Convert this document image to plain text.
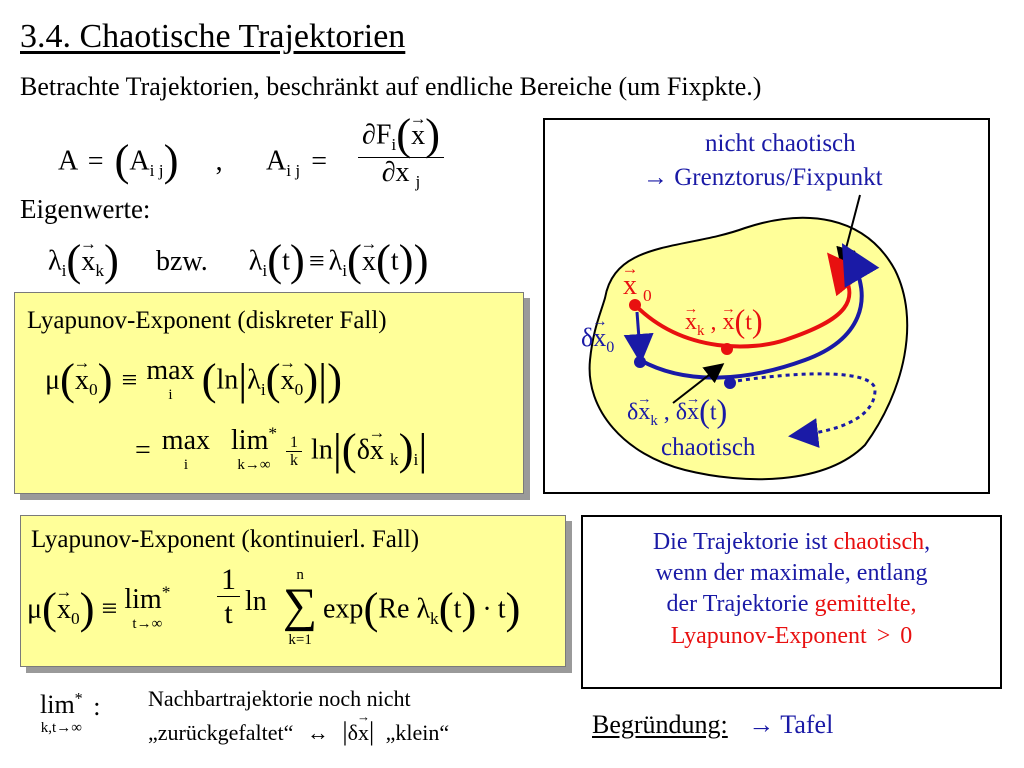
3.4. Chaotische Trajektorien
Betrachte Trajektorien, beschränkt auf endliche Bereiche (um Fixpkte.)
$A = (A_{i j})$ , $A_{i j} = \frac{\partial F_i(\to x)}{\partial x _j}$
Eigenwerte:
$\lambda_i(\to x_k)$ bzw. $\lambda_i(t) \equiv \lambda_i(\to x(t))$
Lyapunov-Exponent (diskreter Fall)
$\mu(\to x_0) \equiv \max$
i $(\ln|\lambda_i(\to x_0)|)$
= max
i

lim*
k→∞
$\frac{1}{k} \ln|(\delta\to x$ $_k)_i|$
Lyapunov-Exponent (kontinuierl. Fall)
$\mu(\to x_0) \equiv \lim^*$
$t\to\infty \frac{1}{t}$ ln
n
∑
k=1
exp(Re $\lambda_k(t) \cdot t$)
lim*
k,t→∞
: Nachbartrajektorie noch nicht
„zurückgefaltet“ ↔ |δ→ x| „klein“
nicht chaotisch
→ Grenztorus/Fixpunkt
→ x $_0$
→ $x_k$ , → x(t)
$\delta\to x_0$
$\delta\to x_k$ , δ→ x(t)
chaotisch
Die Trajektorie ist chaotisch,
wenn der maximale, entlang
der Trajektorie gemittelte,
Lyapunov-Exponent > 0
Begründung: → Tafel
